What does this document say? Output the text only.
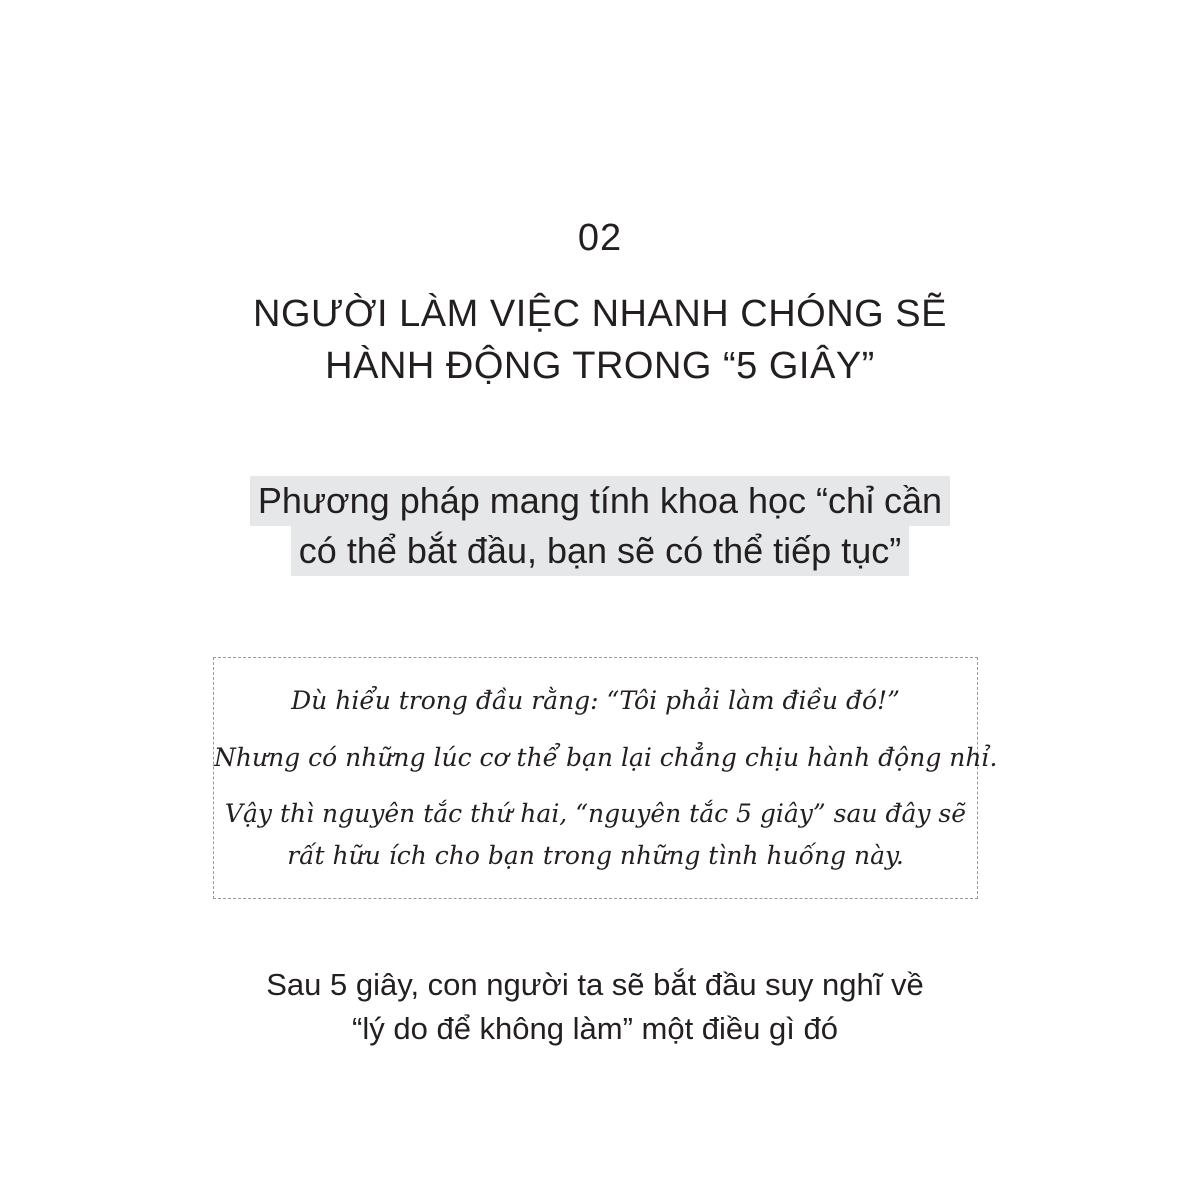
02
NGƯỜI LÀM VIỆC NHANH CHÓNG SẼ
HÀNH ĐỘNG TRONG “5 GIÂY”
Phương pháp mang tính khoa học “chỉ cần
có thể bắt đầu, bạn sẽ có thể tiếp tục”
Dù hiểu trong đầu rằng: “Tôi phải làm điều đó!”
Nhưng có những lúc cơ thể bạn lại chẳng chịu hành động nhỉ.
Vậy thì nguyên tắc thứ hai, “nguyên tắc 5 giây” sau đây sẽ
rất hữu ích cho bạn trong những tình huống này.
Sau 5 giây, con người ta sẽ bắt đầu suy nghĩ về
“lý do để không làm” một điều gì đó
